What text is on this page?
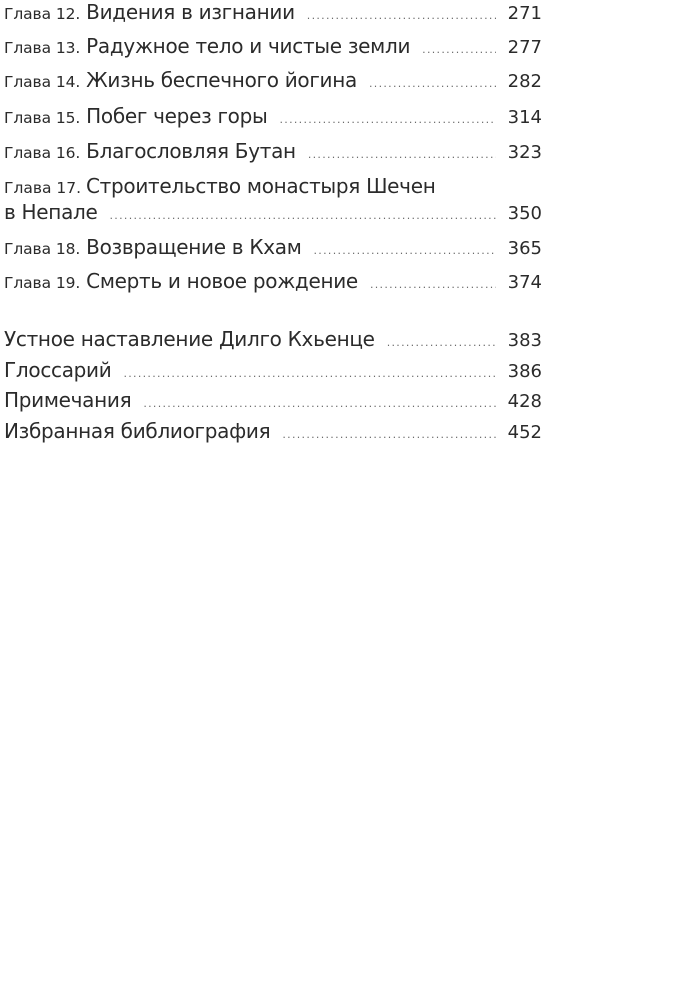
Глава 12. Видения в изгнании . . .	271
Глава 13. Радужное тело и чистые земли . . .	277
Глава 14. Жизнь беспечного йогина . . .	282
Глава 15. Побег через горы . . .	314
Глава 16. Благословляя Бутан . . .	323
Глава 17. Строительство монастыря Шечен
в Непале . . .	350
Глава 18. Возвращение в Кхам . . .	365
Глава 19. Смерть и новое рождение . . .	374
Устное наставление Дилго Кхьенце . . .	383
Глоссарий . . .	386
Примечания . . .	428
Избранная библиография . . .	452
